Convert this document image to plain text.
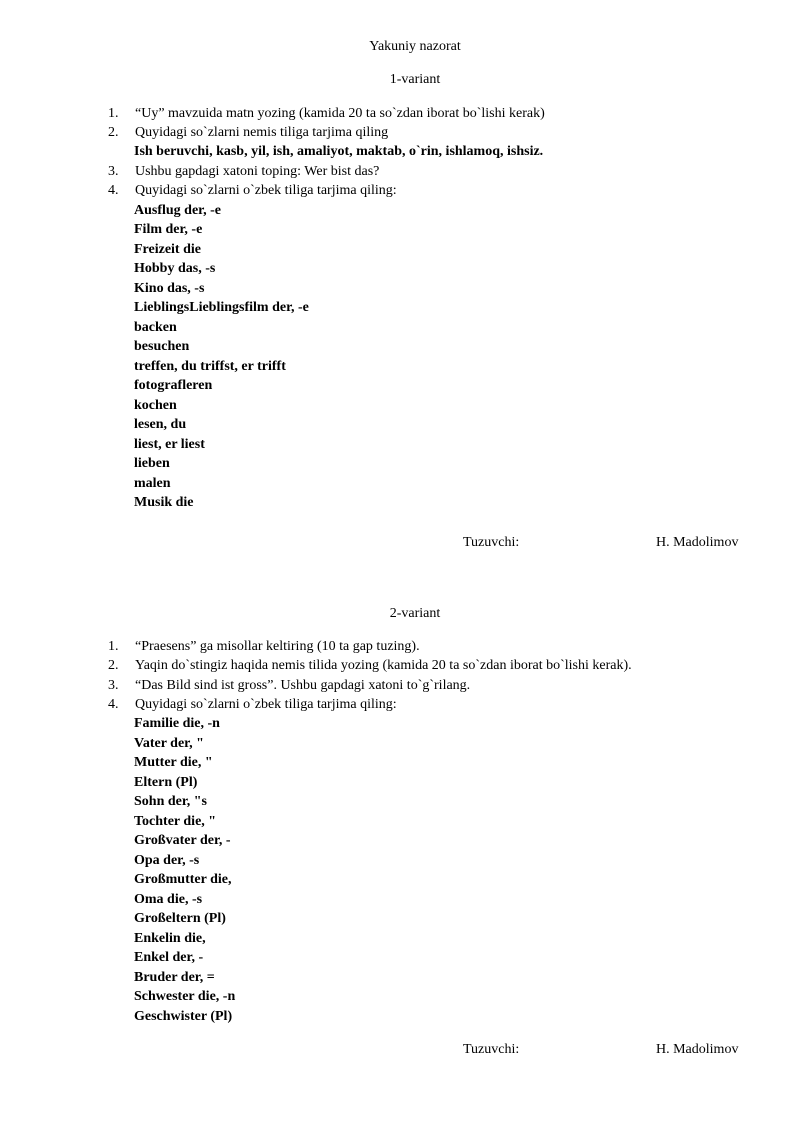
Yakuniy nazorat
1-variant
1.	“Uy” mavzuida matn yozing (kamida 20 ta so`zdan iborat bo`lishi kerak)
2.	Quyidagi so`zlarni nemis tiliga tarjima qiling
Ish beruvchi, kasb, yil, ish, amaliyot, maktab, o`rin, ishlamoq, ishsiz.
3.	Ushbu gapdagi xatoni toping: Wer bist das?
4.	Quyidagi so`zlarni o`zbek tiliga tarjima qiling:
Ausflug der, -e
Film der, -e
Freizeit die
Hobby das, -s
Kino das, -s
LieblingsLieblingsfilm der, -e
backen
besuchen
treffen, du triffst, er trifft
fotografleren
kochen
lesen, du
liest, er liest
lieben
malen
Musik die
Tuzuvchi:	H. Madolimov
2-variant
1.	“Praesens” ga misollar keltiring (10 ta gap tuzing).
2.	Yaqin do`stingiz haqida nemis tilida yozing (kamida 20 ta so`zdan iborat bo`lishi kerak).
3.	“Das Bild sind ist gross”. Ushbu gapdagi xatoni to`g`rilang.
4.	Quyidagi so`zlarni o`zbek tiliga tarjima qiling:
Familie die, -n
Vater der, "
Mutter die, "
Eltern (Pl)
Sohn der, "s
Tochter die, "
Großvater der, -
Opa der, -s
Großmutter die,
Oma die, -s
Großeltern (Pl)
Enkelin die,
Enkel der, -
Bruder der, =
Schwester die, -n
Geschwister (Pl)
Tuzuvchi:	H. Madolimov
